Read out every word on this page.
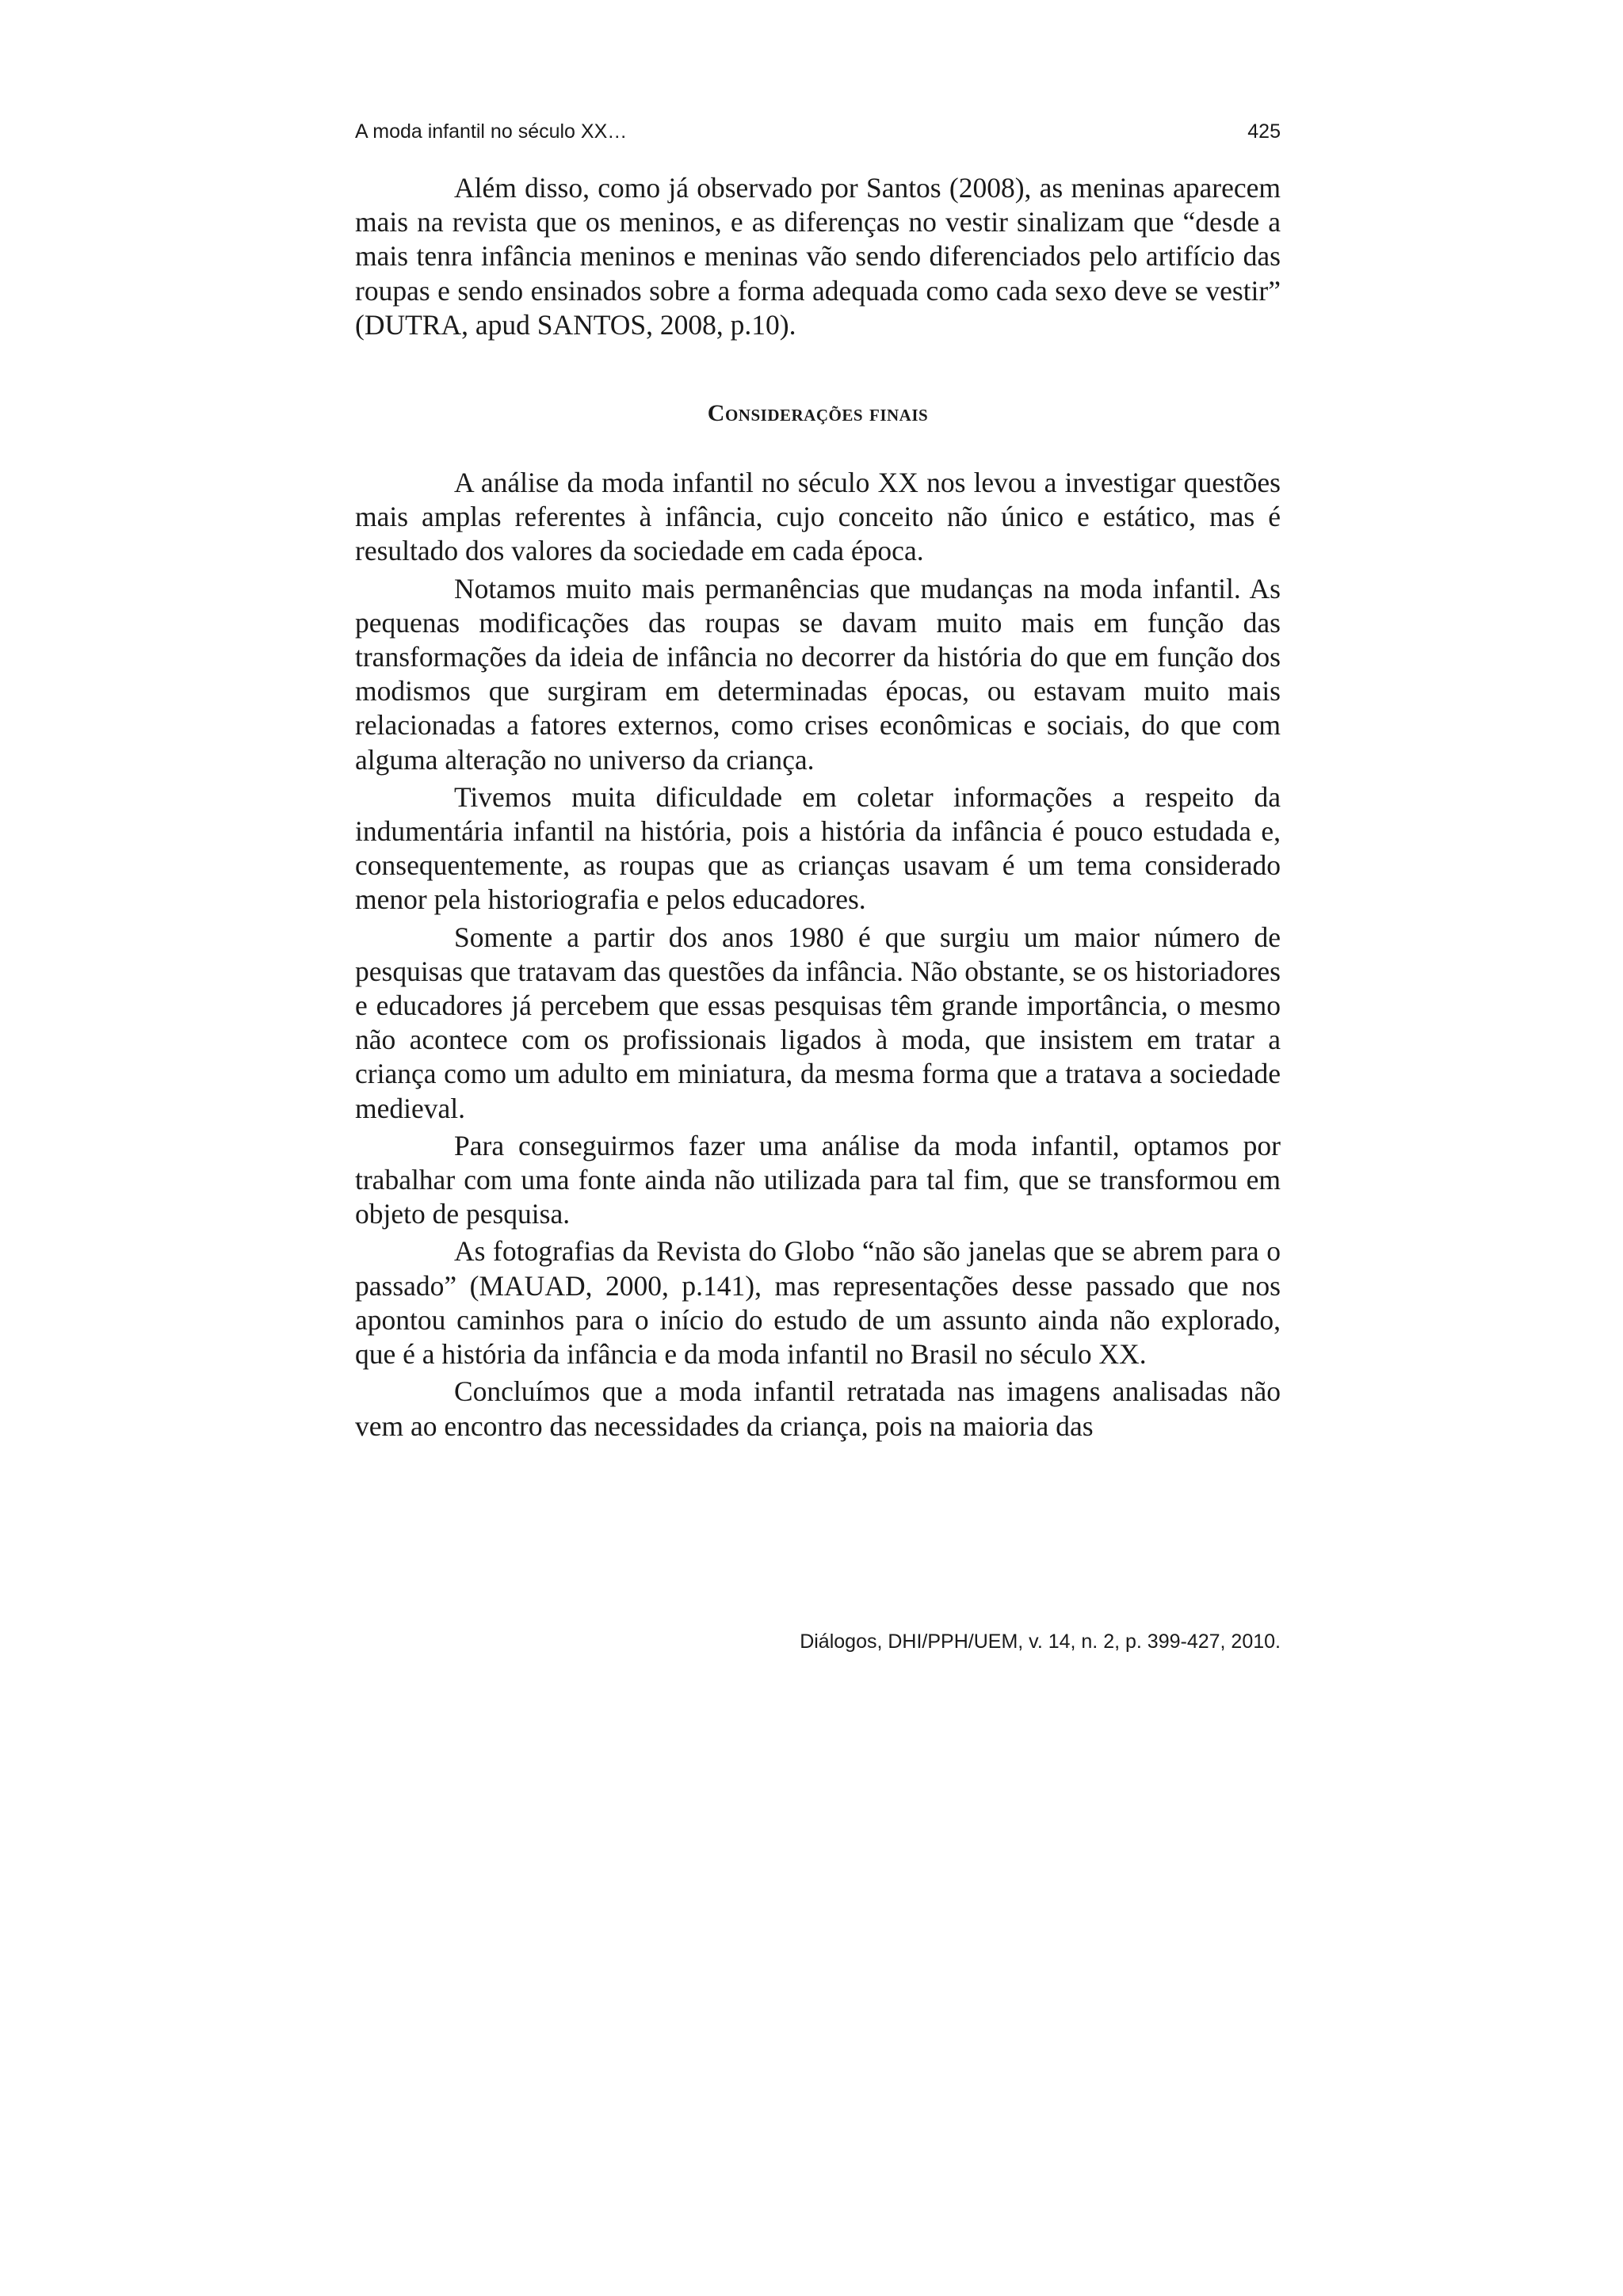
A moda infantil no século XX…	425

Além disso, como já observado por Santos (2008), as meninas aparecem mais na revista que os meninos, e as diferenças no vestir sinalizam que “desde a mais tenra infância meninos e meninas vão sendo diferenciados pelo artifício das roupas e sendo ensinados sobre a forma adequada como cada sexo deve se vestir” (DUTRA, apud SANTOS, 2008, p.10).

Considerações finais

A análise da moda infantil no século XX nos levou a investigar questões mais amplas referentes à infância, cujo conceito não único e estático, mas é resultado dos valores da sociedade em cada época.

Notamos muito mais permanências que mudanças na moda infantil. As pequenas modificações das roupas se davam muito mais em função das transformações da ideia de infância no decorrer da história do que em função dos modismos que surgiram em determinadas épocas, ou estavam muito mais relacionadas a fatores externos, como crises econômicas e sociais, do que com alguma alteração no universo da criança.

Tivemos muita dificuldade em coletar informações a respeito da indumentária infantil na história, pois a história da infância é pouco estudada e, consequentemente, as roupas que as crianças usavam é um tema considerado menor pela historiografia e pelos educadores.

Somente a partir dos anos 1980 é que surgiu um maior número de pesquisas que tratavam das questões da infância. Não obstante, se os historiadores e educadores já percebem que essas pesquisas têm grande importância, o mesmo não acontece com os profissionais ligados à moda, que insistem em tratar a criança como um adulto em miniatura, da mesma forma que a tratava a sociedade medieval.

Para conseguirmos fazer uma análise da moda infantil, optamos por trabalhar com uma fonte ainda não utilizada para tal fim, que se transformou em objeto de pesquisa.

As fotografias da Revista do Globo “não são janelas que se abrem para o passado” (MAUAD, 2000, p.141), mas representações desse passado que nos apontou caminhos para o início do estudo de um assunto ainda não explorado, que é a história da infância e da moda infantil no Brasil no século XX.

Concluímos que a moda infantil retratada nas imagens analisadas não vem ao encontro das necessidades da criança, pois na maioria das

Diálogos, DHI/PPH/UEM, v. 14, n. 2, p. 399-427, 2010.
